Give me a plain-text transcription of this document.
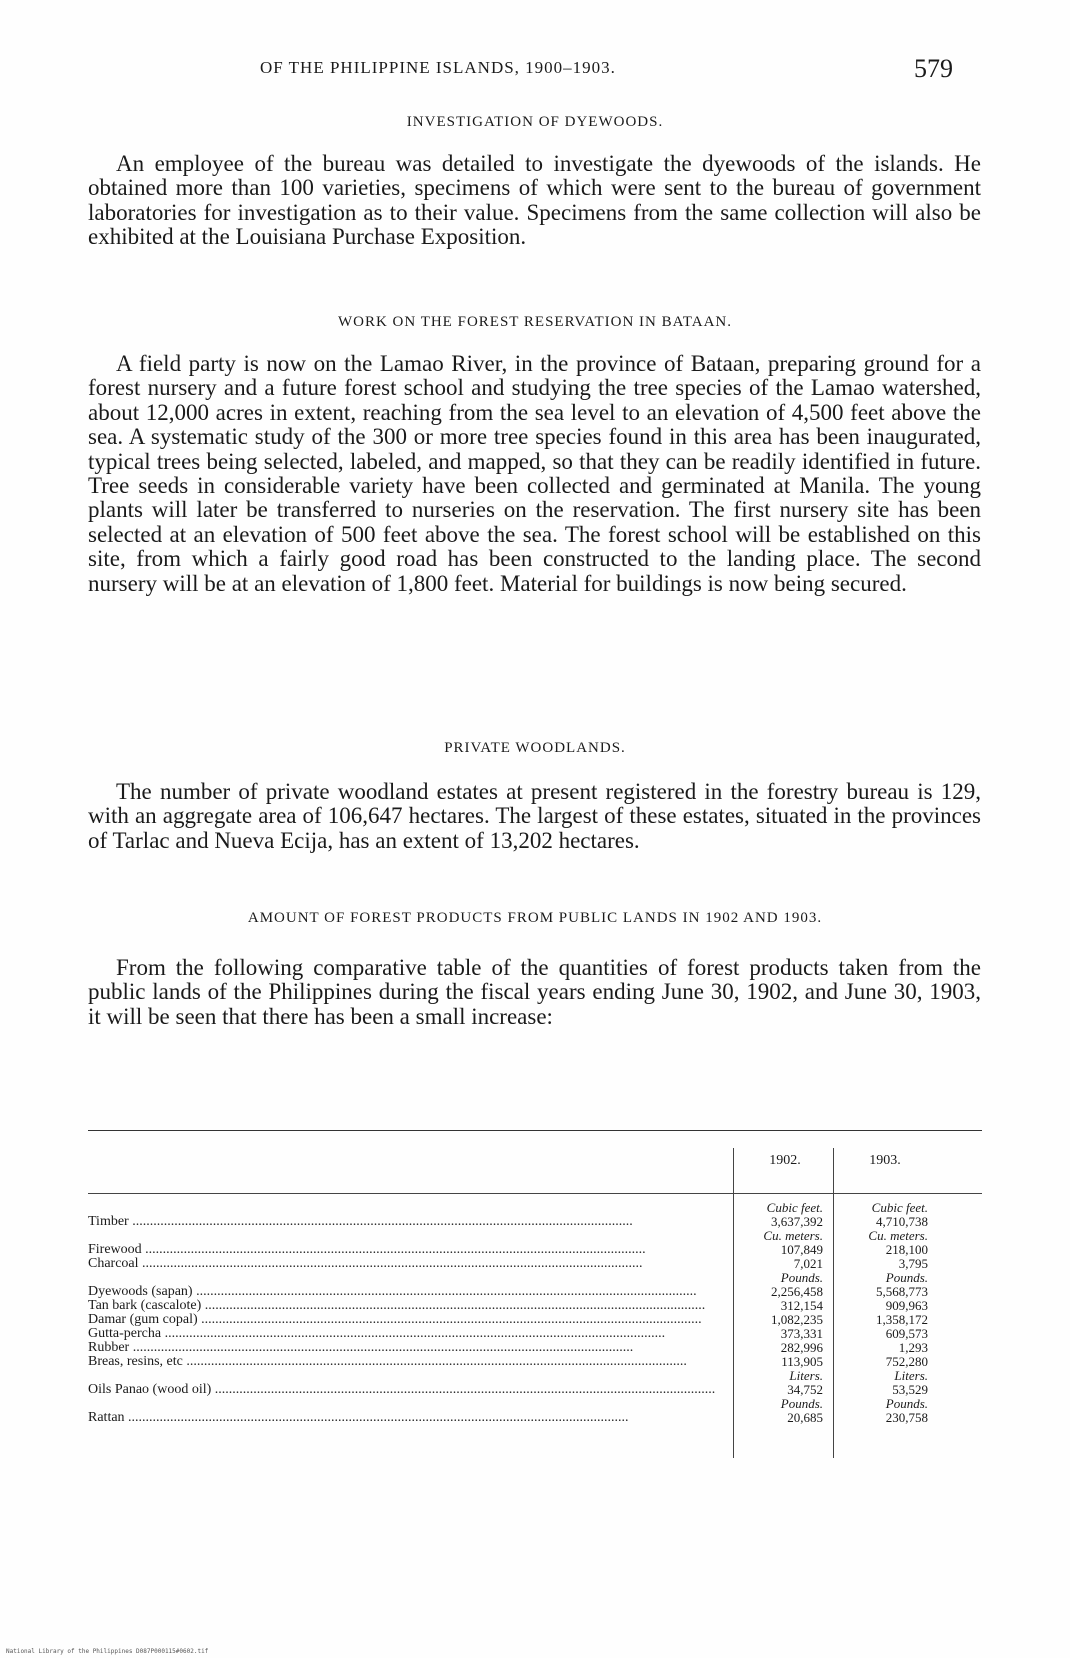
OF THE PHILIPPINE ISLANDS, 1900–1903.	579
INVESTIGATION OF DYEWOODS.
An employee of the bureau was detailed to investigate the dyewoods of the islands. He obtained more than 100 varieties, specimens of which were sent to the bureau of government laboratories for investigation as to their value. Specimens from the same collection will also be exhibited at the Louisiana Purchase Exposition.
WORK ON THE FOREST RESERVATION IN BATAAN.
A field party is now on the Lamao River, in the province of Bataan, preparing ground for a forest nursery and a future forest school and studying the tree species of the Lamao watershed, about 12,000 acres in extent, reaching from the sea level to an elevation of 4,500 feet above the sea. A systematic study of the 300 or more tree species found in this area has been inaugurated, typical trees being selected, labeled, and mapped, so that they can be readily identified in future. Tree seeds in considerable variety have been collected and germinated at Manila. The young plants will later be transferred to nurseries on the reservation. The first nursery site has been selected at an elevation of 500 feet above the sea. The forest school will be established on this site, from which a fairly good road has been constructed to the landing place. The second nursery will be at an elevation of 1,800 feet. Material for buildings is now being secured.
PRIVATE WOODLANDS.
The number of private woodland estates at present registered in the forestry bureau is 129, with an aggregate area of 106,647 hectares. The largest of these estates, situated in the provinces of Tarlac and Nueva Ecija, has an extent of 13,202 hectares.
AMOUNT OF FOREST PRODUCTS FROM PUBLIC LANDS IN 1902 AND 1903.
From the following comparative table of the quantities of forest products taken from the public lands of the Philippines during the fiscal years ending June 30, 1902, and June 30, 1903, it will be seen that there has been a small increase:
1902.	1903.
Cubic feet.	Cubic feet.
Timber ...............................................................................................................................................	3,637,392	4,710,738
Cu. meters.	Cu. meters.
Firewood ...............................................................................................................................................	107,849	218,100
Charcoal ...............................................................................................................................................	7,021	3,795
Pounds.	Pounds.
Dyewoods (sapan) ...............................................................................................................................................	2,256,458	5,568,773
Tan bark (cascalote) ...............................................................................................................................................	312,154	909,963
Damar (gum copal) ...............................................................................................................................................	1,082,235	1,358,172
Gutta-percha ...............................................................................................................................................	373,331	609,573
Rubber ...............................................................................................................................................	282,996	1,293
Breas, resins, etc ...............................................................................................................................................	113,905	752,280
Liters.	Liters.
Oils Panao (wood oil) ...............................................................................................................................................	34,752	53,529
Pounds.	Pounds.
Rattan ...............................................................................................................................................	20,685	230,758
National Library of the Philippines D087P000115#0602.tif
